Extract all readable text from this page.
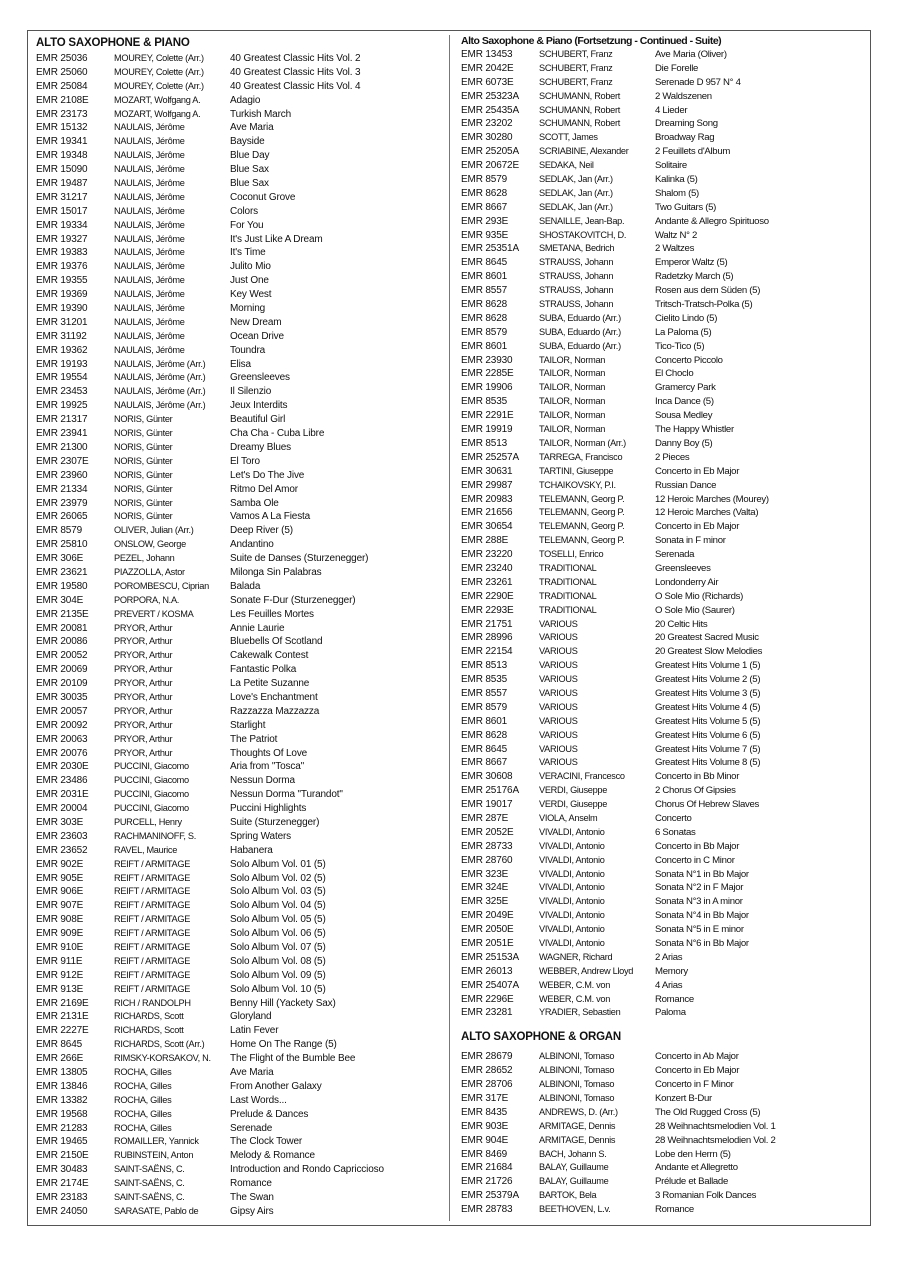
ALTO SAXOPHONE & PIANO
EMR 25036	MOUREY, Colette (Arr.)	40 Greatest Classic Hits Vol. 2
EMR 25060	MOUREY, Colette (Arr.)	40 Greatest Classic Hits Vol. 3
EMR 25084	MOUREY, Colette (Arr.)	40 Greatest Classic Hits Vol. 4
EMR 2108E	MOZART, Wolfgang A.	Adagio
EMR 23173	MOZART, Wolfgang A.	Turkish March
EMR 15132	NAULAIS, Jérôme	Ave Maria
EMR 19341	NAULAIS, Jérôme	Bayside
EMR 19348	NAULAIS, Jérôme	Blue Day
EMR 15090	NAULAIS, Jérôme	Blue Sax
EMR 19487	NAULAIS, Jérôme	Blue Sax
EMR 31217	NAULAIS, Jérôme	Coconut Grove
EMR 15017	NAULAIS, Jérôme	Colors
EMR 19334	NAULAIS, Jérôme	For You
EMR 19327	NAULAIS, Jérôme	It's Just Like A Dream
EMR 19383	NAULAIS, Jérôme	It's Time
EMR 19376	NAULAIS, Jérôme	Julito Mio
EMR 19355	NAULAIS, Jérôme	Just One
EMR 19369	NAULAIS, Jérôme	Key West
EMR 19390	NAULAIS, Jérôme	Morning
EMR 31201	NAULAIS, Jérôme	New Dream
EMR 31192	NAULAIS, Jérôme	Ocean Drive
EMR 19362	NAULAIS, Jérôme	Toundra
EMR 19193	NAULAIS, Jérôme (Arr.)	Elisa
EMR 19554	NAULAIS, Jérôme (Arr.)	Greensleeves
EMR 23453	NAULAIS, Jérôme (Arr.)	Il Silenzio
EMR 19925	NAULAIS, Jérôme (Arr.)	Jeux Interdits
EMR 21317	NORIS, Günter	Beautiful Girl
EMR 23941	NORIS, Günter	Cha Cha - Cuba Libre
EMR 21300	NORIS, Günter	Dreamy Blues
EMR 2307E	NORIS, Günter	El Toro
EMR 23960	NORIS, Günter	Let's Do The Jive
EMR 21334	NORIS, Günter	Ritmo Del Amor
EMR 23979	NORIS, Günter	Samba Ole
EMR 26065	NORIS, Günter	Vamos A La Fiesta
EMR 8579	OLIVER, Julian (Arr.)	Deep River (5)
EMR 25810	ONSLOW, George	Andantino
EMR 306E	PEZEL, Johann	Suite de Danses (Sturzenegger)
EMR 23621	PIAZZOLLA, Astor	Milonga Sin Palabras
EMR 19580	POROMBESCU, Ciprian	Balada
EMR 304E	PORPORA, N.A.	Sonate F-Dur (Sturzenegger)
EMR 2135E	PREVERT / KOSMA	Les Feuilles Mortes
EMR 20081	PRYOR, Arthur	Annie Laurie
EMR 20086	PRYOR, Arthur	Bluebells Of Scotland
EMR 20052	PRYOR, Arthur	Cakewalk Contest
EMR 20069	PRYOR, Arthur	Fantastic Polka
EMR 20109	PRYOR, Arthur	La Petite Suzanne
EMR 30035	PRYOR, Arthur	Love's Enchantment
EMR 20057	PRYOR, Arthur	Razzazza Mazzazza
EMR 20092	PRYOR, Arthur	Starlight
EMR 20063	PRYOR, Arthur	The Patriot
EMR 20076	PRYOR, Arthur	Thoughts Of Love
EMR 2030E	PUCCINI, Giacomo	Aria from "Tosca"
EMR 23486	PUCCINI, Giacomo	Nessun Dorma
EMR 2031E	PUCCINI, Giacomo	Nessun Dorma "Turandot"
EMR 20004	PUCCINI, Giacomo	Puccini Highlights
EMR 303E	PURCELL, Henry	Suite (Sturzenegger)
EMR 23603	RACHMANINOFF, S.	Spring Waters
EMR 23652	RAVEL, Maurice	Habanera
EMR 902E	REIFT / ARMITAGE	Solo Album Vol. 01 (5)
EMR 905E	REIFT / ARMITAGE	Solo Album Vol. 02 (5)
EMR 906E	REIFT / ARMITAGE	Solo Album Vol. 03 (5)
EMR 907E	REIFT / ARMITAGE	Solo Album Vol. 04 (5)
EMR 908E	REIFT / ARMITAGE	Solo Album Vol. 05 (5)
EMR 909E	REIFT / ARMITAGE	Solo Album Vol. 06 (5)
EMR 910E	REIFT / ARMITAGE	Solo Album Vol. 07 (5)
EMR 911E	REIFT / ARMITAGE	Solo Album Vol. 08 (5)
EMR 912E	REIFT / ARMITAGE	Solo Album Vol. 09 (5)
EMR 913E	REIFT / ARMITAGE	Solo Album Vol. 10 (5)
EMR 2169E	RICH / RANDOLPH	Benny Hill (Yackety Sax)
EMR 2131E	RICHARDS, Scott	Gloryland
EMR 2227E	RICHARDS, Scott	Latin Fever
EMR 8645	RICHARDS, Scott (Arr.)	Home On The Range (5)
EMR 266E	RIMSKY-KORSAKOV, N.	The Flight of the Bumble Bee
EMR 13805	ROCHA, Gilles	Ave Maria
EMR 13846	ROCHA, Gilles	From Another Galaxy
EMR 13382	ROCHA, Gilles	Last Words...
EMR 19568	ROCHA, Gilles	Prelude & Dances
EMR 21283	ROCHA, Gilles	Serenade
EMR 19465	ROMAILLER, Yannick	The Clock Tower
EMR 2150E	RUBINSTEIN, Anton	Melody & Romance
EMR 30483	SAINT-SAËNS, C.	Introduction and Rondo Capriccioso
EMR 2174E	SAINT-SAËNS, C.	Romance
EMR 23183	SAINT-SAËNS, C.	The Swan
EMR 24050	SARASATE, Pablo de	Gipsy Airs
Alto Saxophone & Piano (Fortsetzung - Continued - Suite)
EMR 13453	SCHUBERT, Franz	Ave Maria (Oliver)
EMR 2042E	SCHUBERT, Franz	Die Forelle
EMR 6073E	SCHUBERT, Franz	Serenade D 957 N° 4
EMR 25323A	SCHUMANN, Robert	2 Waldszenen
EMR 25435A	SCHUMANN, Robert	4 Lieder
EMR 23202	SCHUMANN, Robert	Dreaming Song
EMR 30280	SCOTT, James	Broadway Rag
EMR 25205A	SCRIABINE, Alexander	2 Feuillets d'Album
EMR 20672E	SEDAKA, Neil	Solitaire
EMR 8579	SEDLAK, Jan (Arr.)	Kalinka (5)
EMR 8628	SEDLAK, Jan (Arr.)	Shalom (5)
EMR 8667	SEDLAK, Jan (Arr.)	Two Guitars (5)
EMR 293E	SENAILLE, Jean-Bap.	Andante & Allegro Spirituoso
EMR 935E	SHOSTAKOVITCH, D.	Waltz N° 2
EMR 25351A	SMETANA, Bedrich	2 Waltzes
EMR 8645	STRAUSS, Johann	Emperor Waltz (5)
EMR 8601	STRAUSS, Johann	Radetzky March (5)
EMR 8557	STRAUSS, Johann	Rosen aus dem Süden (5)
EMR 8628	STRAUSS, Johann	Tritsch-Tratsch-Polka (5)
EMR 8628	SUBA, Eduardo (Arr.)	Cielito Lindo (5)
EMR 8579	SUBA, Eduardo (Arr.)	La Paloma (5)
EMR 8601	SUBA, Eduardo (Arr.)	Tico-Tico (5)
EMR 23930	TAILOR, Norman	Concerto Piccolo
EMR 2285E	TAILOR, Norman	El Choclo
EMR 19906	TAILOR, Norman	Gramercy Park
EMR 8535	TAILOR, Norman	Inca Dance (5)
EMR 2291E	TAILOR, Norman	Sousa Medley
EMR 19919	TAILOR, Norman	The Happy Whistler
EMR 8513	TAILOR, Norman (Arr.)	Danny Boy (5)
EMR 25257A	TARREGA, Francisco	2 Pieces
EMR 30631	TARTINI, Giuseppe	Concerto in Eb Major
EMR 29987	TCHAIKOVSKY, P.I.	Russian Dance
EMR 20983	TELEMANN, Georg P.	12 Heroic Marches (Mourey)
EMR 21656	TELEMANN, Georg P.	12 Heroic Marches (Valta)
EMR 30654	TELEMANN, Georg P.	Concerto in Eb Major
EMR 288E	TELEMANN, Georg P.	Sonata in F minor
EMR 23220	TOSELLI, Enrico	Serenada
EMR 23240	TRADITIONAL	Greensleeves
EMR 23261	TRADITIONAL	Londonderry Air
EMR 2290E	TRADITIONAL	O Sole Mio (Richards)
EMR 2293E	TRADITIONAL	O Sole Mio (Saurer)
EMR 21751	VARIOUS	20 Celtic Hits
EMR 28996	VARIOUS	20 Greatest Sacred Music
EMR 22154	VARIOUS	20 Greatest Slow Melodies
EMR 8513	VARIOUS	Greatest Hits Volume 1 (5)
EMR 8535	VARIOUS	Greatest Hits Volume 2 (5)
EMR 8557	VARIOUS	Greatest Hits Volume 3 (5)
EMR 8579	VARIOUS	Greatest Hits Volume 4 (5)
EMR 8601	VARIOUS	Greatest Hits Volume 5 (5)
EMR 8628	VARIOUS	Greatest Hits Volume 6 (5)
EMR 8645	VARIOUS	Greatest Hits Volume 7 (5)
EMR 8667	VARIOUS	Greatest Hits Volume 8 (5)
EMR 30608	VERACINI, Francesco	Concerto in Bb Minor
EMR 25176A	VERDI, Giuseppe	2 Chorus Of Gipsies
EMR 19017	VERDI, Giuseppe	Chorus Of Hebrew Slaves
EMR 287E	VIOLA, Anselm	Concerto
EMR 2052E	VIVALDI, Antonio	6 Sonatas
EMR 28733	VIVALDI, Antonio	Concerto in Bb Major
EMR 28760	VIVALDI, Antonio	Concerto in C Minor
EMR 323E	VIVALDI, Antonio	Sonata N°1 in Bb Major
EMR 324E	VIVALDI, Antonio	Sonata N°2 in F Major
EMR 325E	VIVALDI, Antonio	Sonata N°3 in A minor
EMR 2049E	VIVALDI, Antonio	Sonata N°4 in Bb Major
EMR 2050E	VIVALDI, Antonio	Sonata N°5 in E minor
EMR 2051E	VIVALDI, Antonio	Sonata N°6 in Bb Major
EMR 25153A	WAGNER, Richard	2 Arias
EMR 26013	WEBBER, Andrew Lloyd	Memory
EMR 25407A	WEBER, C.M. von	4 Arias
EMR 2296E	WEBER, C.M. von	Romance
EMR 23281	YRADIER, Sebastien	Paloma
ALTO SAXOPHONE & ORGAN
EMR 28679	ALBINONI, Tomaso	Concerto in Ab Major
EMR 28652	ALBINONI, Tomaso	Concerto in Eb Major
EMR 28706	ALBINONI, Tomaso	Concerto in F Minor
EMR 317E	ALBINONI, Tomaso	Konzert B-Dur
EMR 8435	ANDREWS, D. (Arr.)	The Old Rugged Cross (5)
EMR 903E	ARMITAGE, Dennis	28 Weihnachtsmelodien Vol. 1
EMR 904E	ARMITAGE, Dennis	28 Weihnachtsmelodien Vol. 2
EMR 8469	BACH, Johann S.	Lobe den Herrn (5)
EMR 21684	BALAY, Guillaume	Andante et Allegretto
EMR 21726	BALAY, Guillaume	Prélude et Ballade
EMR 25379A	BARTOK, Bela	3 Romanian Folk Dances
EMR 28783	BEETHOVEN, L.v.	Romance
